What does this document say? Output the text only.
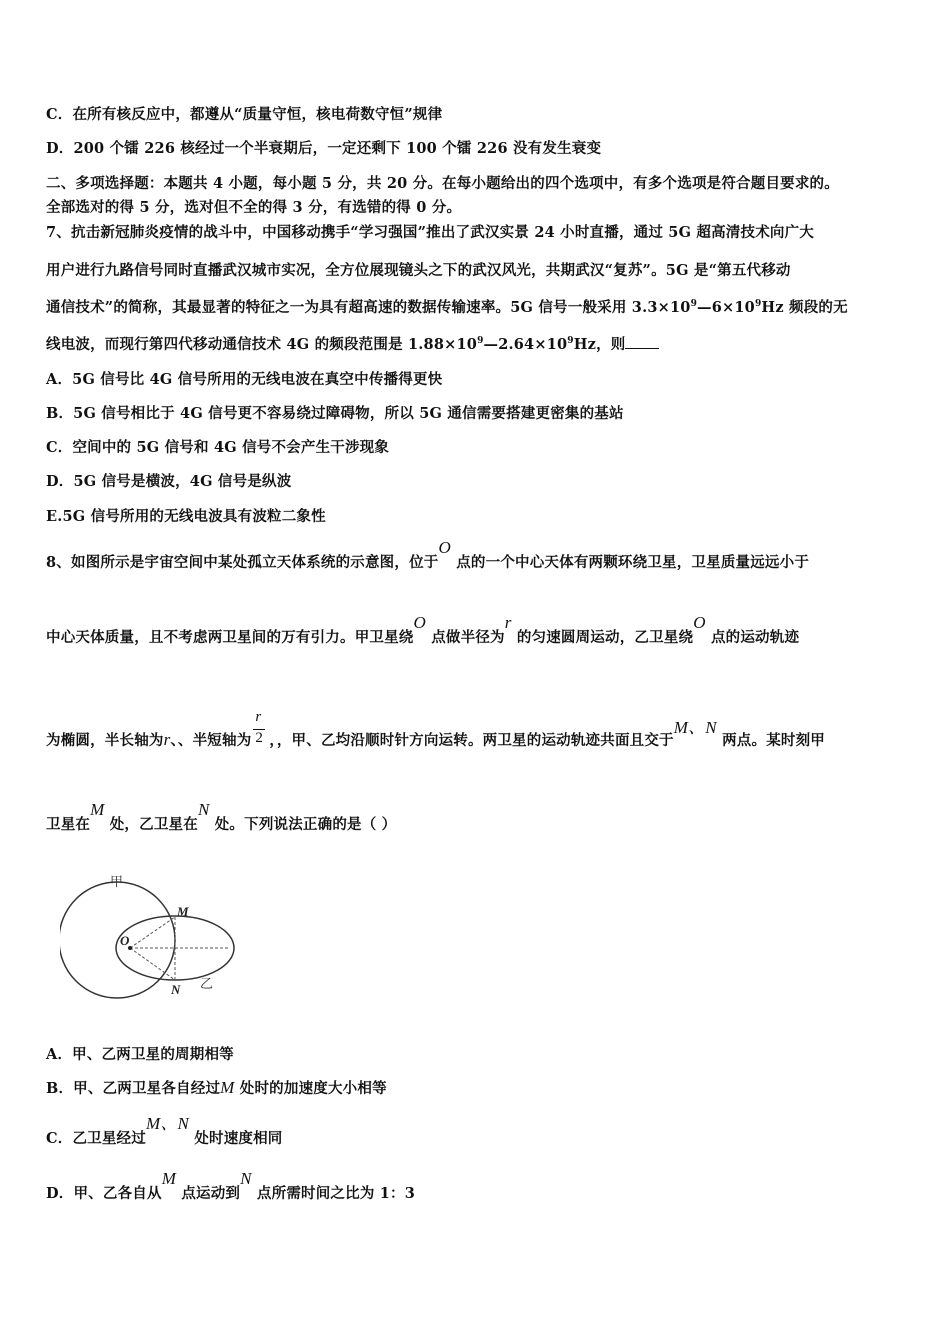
C．在所有核反应中，都遵从“质量守恒，核电荷数守恒”规律
D．200 个镭 226 核经过一个半衰期后，一定还剩下 100 个镭 226 没有发生衰变
二、多项选择题：本题共 4 小题，每小题 5 分，共 20 分。在每小题给出的四个选项中，有多个选项是符合题目要求的。
全部选对的得 5 分，选对但不全的得 3 分，有选错的得 0 分。
7、抗击新冠肺炎疫情的战斗中，中国移动携手“学习强国”推出了武汉实景 24 小时直播，通过 5G 超高清技术向广大
用户进行九路信号同时直播武汉城市实况，全方位展现镜头之下的武汉风光，共期武汉“复苏”。5G 是“第五代移动
通信技术”的简称，其最显著的特征之一为具有超高速的数据传输速率。5G 信号一般采用 $3.3\times 10^9—6\times 10^9Hz$ 频段的无
线电波，而现行第四代移动通信技术 4G 的频段范围是 $1.88\times 10^9—2.64\times 10^9Hz$，则
A．5G 信号比 4G 信号所用的无线电波在真空中传播得更快
B．5G 信号相比于 4G 信号更不容易绕过障碍物，所以 5G 通信需要搭建更密集的基站
C．空间中的 5G 信号和 4G 信号不会产生干涉现象
D．5G 信号是横波，4G 信号是纵波
E.5G 信号所用的无线电波具有波粒二象性
8、如图所示是宇宙空间中某处孤立天体系统的示意图，位于O 点的一个中心天体有两颗环绕卫星，卫星质量远远小于
中心天体质量，且不考虑两卫星间的万有引力。甲卫星绕O 点做半径为r 的匀速圆周运动，乙卫星绕O 点的运动轨迹
为椭圆，半长轴为r、、半短轴为 $\frac{r}{2}$ ，，甲、乙均沿顺时针方向运转。两卫星的运动轨迹共面且交于M、N 两点。某时刻甲
卫星在M 处，乙卫星在N 处。下列说法正确的是（ ）
甲
乙
M
N
O
A．甲、乙两卫星的周期相等
B．甲、乙两卫星各自经过M 处时的加速度大小相等
C．乙卫星经过M、N 处时速度相同
D．甲、乙各自从M 点运动到N 点所需时间之比为 1：3
